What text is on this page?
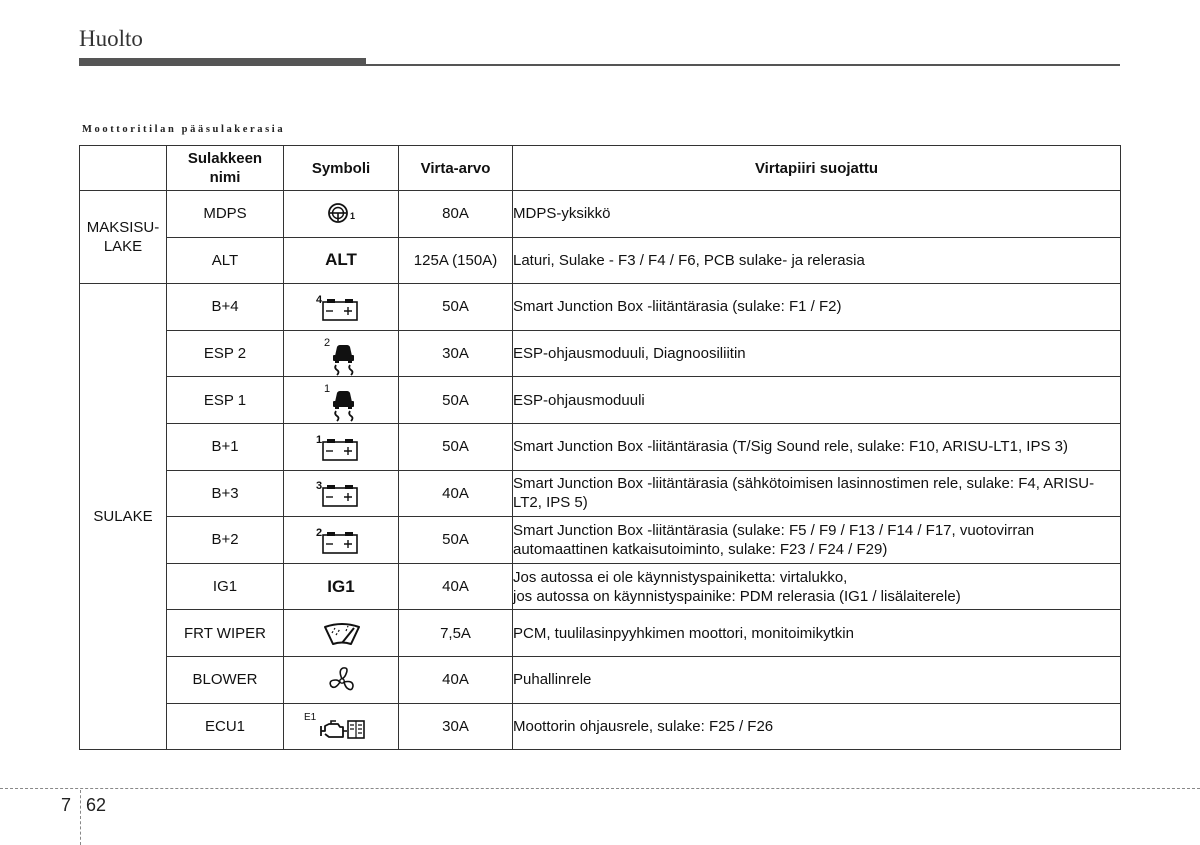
Huolto
Moottoritilan pääsulakerasia
	Sulakkeen nimi	Symboli	Virta-arvo	Virtapiiri suojattu
MAKSISU-LAKE	MDPS	1	80A	MDPS-yksikkö
	ALT	ALT	125A (150A)	Laturi, Sulake - F3 / F4 / F6, PCB sulake- ja relerasia
SULAKE	B+4	4	50A	Smart Junction Box -liitäntärasia (sulake: F1 / F2)
	ESP 2	2	30A	ESP-ohjausmoduuli, Diagnoosiliitin
	ESP 1	1	50A	ESP-ohjausmoduuli
	B+1	1	50A	Smart Junction Box -liitäntärasia (T/Sig Sound rele, sulake: F10, ARISU-LT1, IPS 3)
	B+3	3	40A	Smart Junction Box -liitäntärasia (sähkötoimisen lasinnostimen rele, sulake: F4, ARISU-LT2, IPS 5)
	B+2	2	50A	Smart Junction Box -liitäntärasia (sulake: F5 / F9 / F13 / F14 / F17, vuotovirran automaattinen katkaisutoiminto, sulake: F23 / F24 / F29)
	IG1	IG1	40A	Jos autossa ei ole käynnistyspainiketta: virtalukko,
jos autossa on käynnistyspainike: PDM relerasia (IG1 / lisälaiterele)

	FRT WIPER		7,5A	PCM, tuulilasinpyyhkimen moottori, monitoimikytkin
	BLOWER		40A	Puhallinrele
	ECU1	E1	30A	Moottorin ohjausrele, sulake: F25 / F26
7 62
